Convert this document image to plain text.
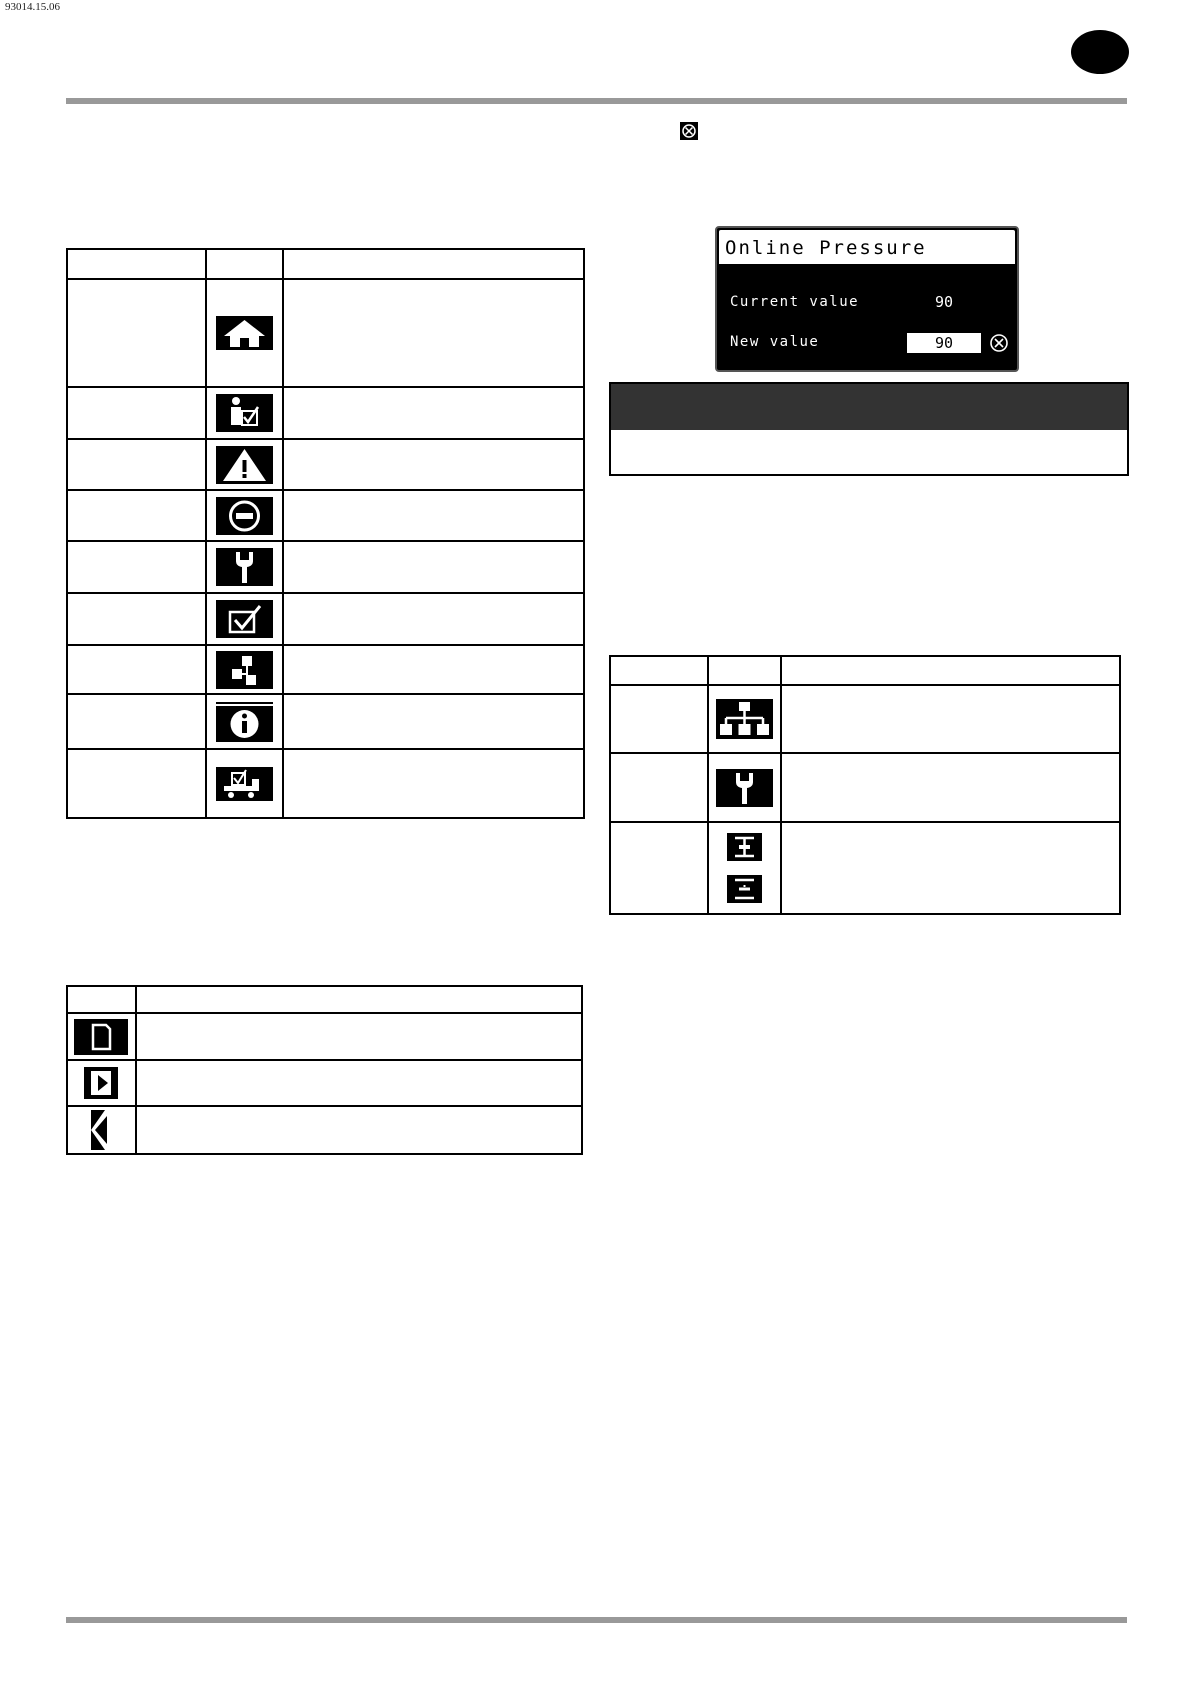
93014.15.06

Online Pressure
Current value	90
New value	90
